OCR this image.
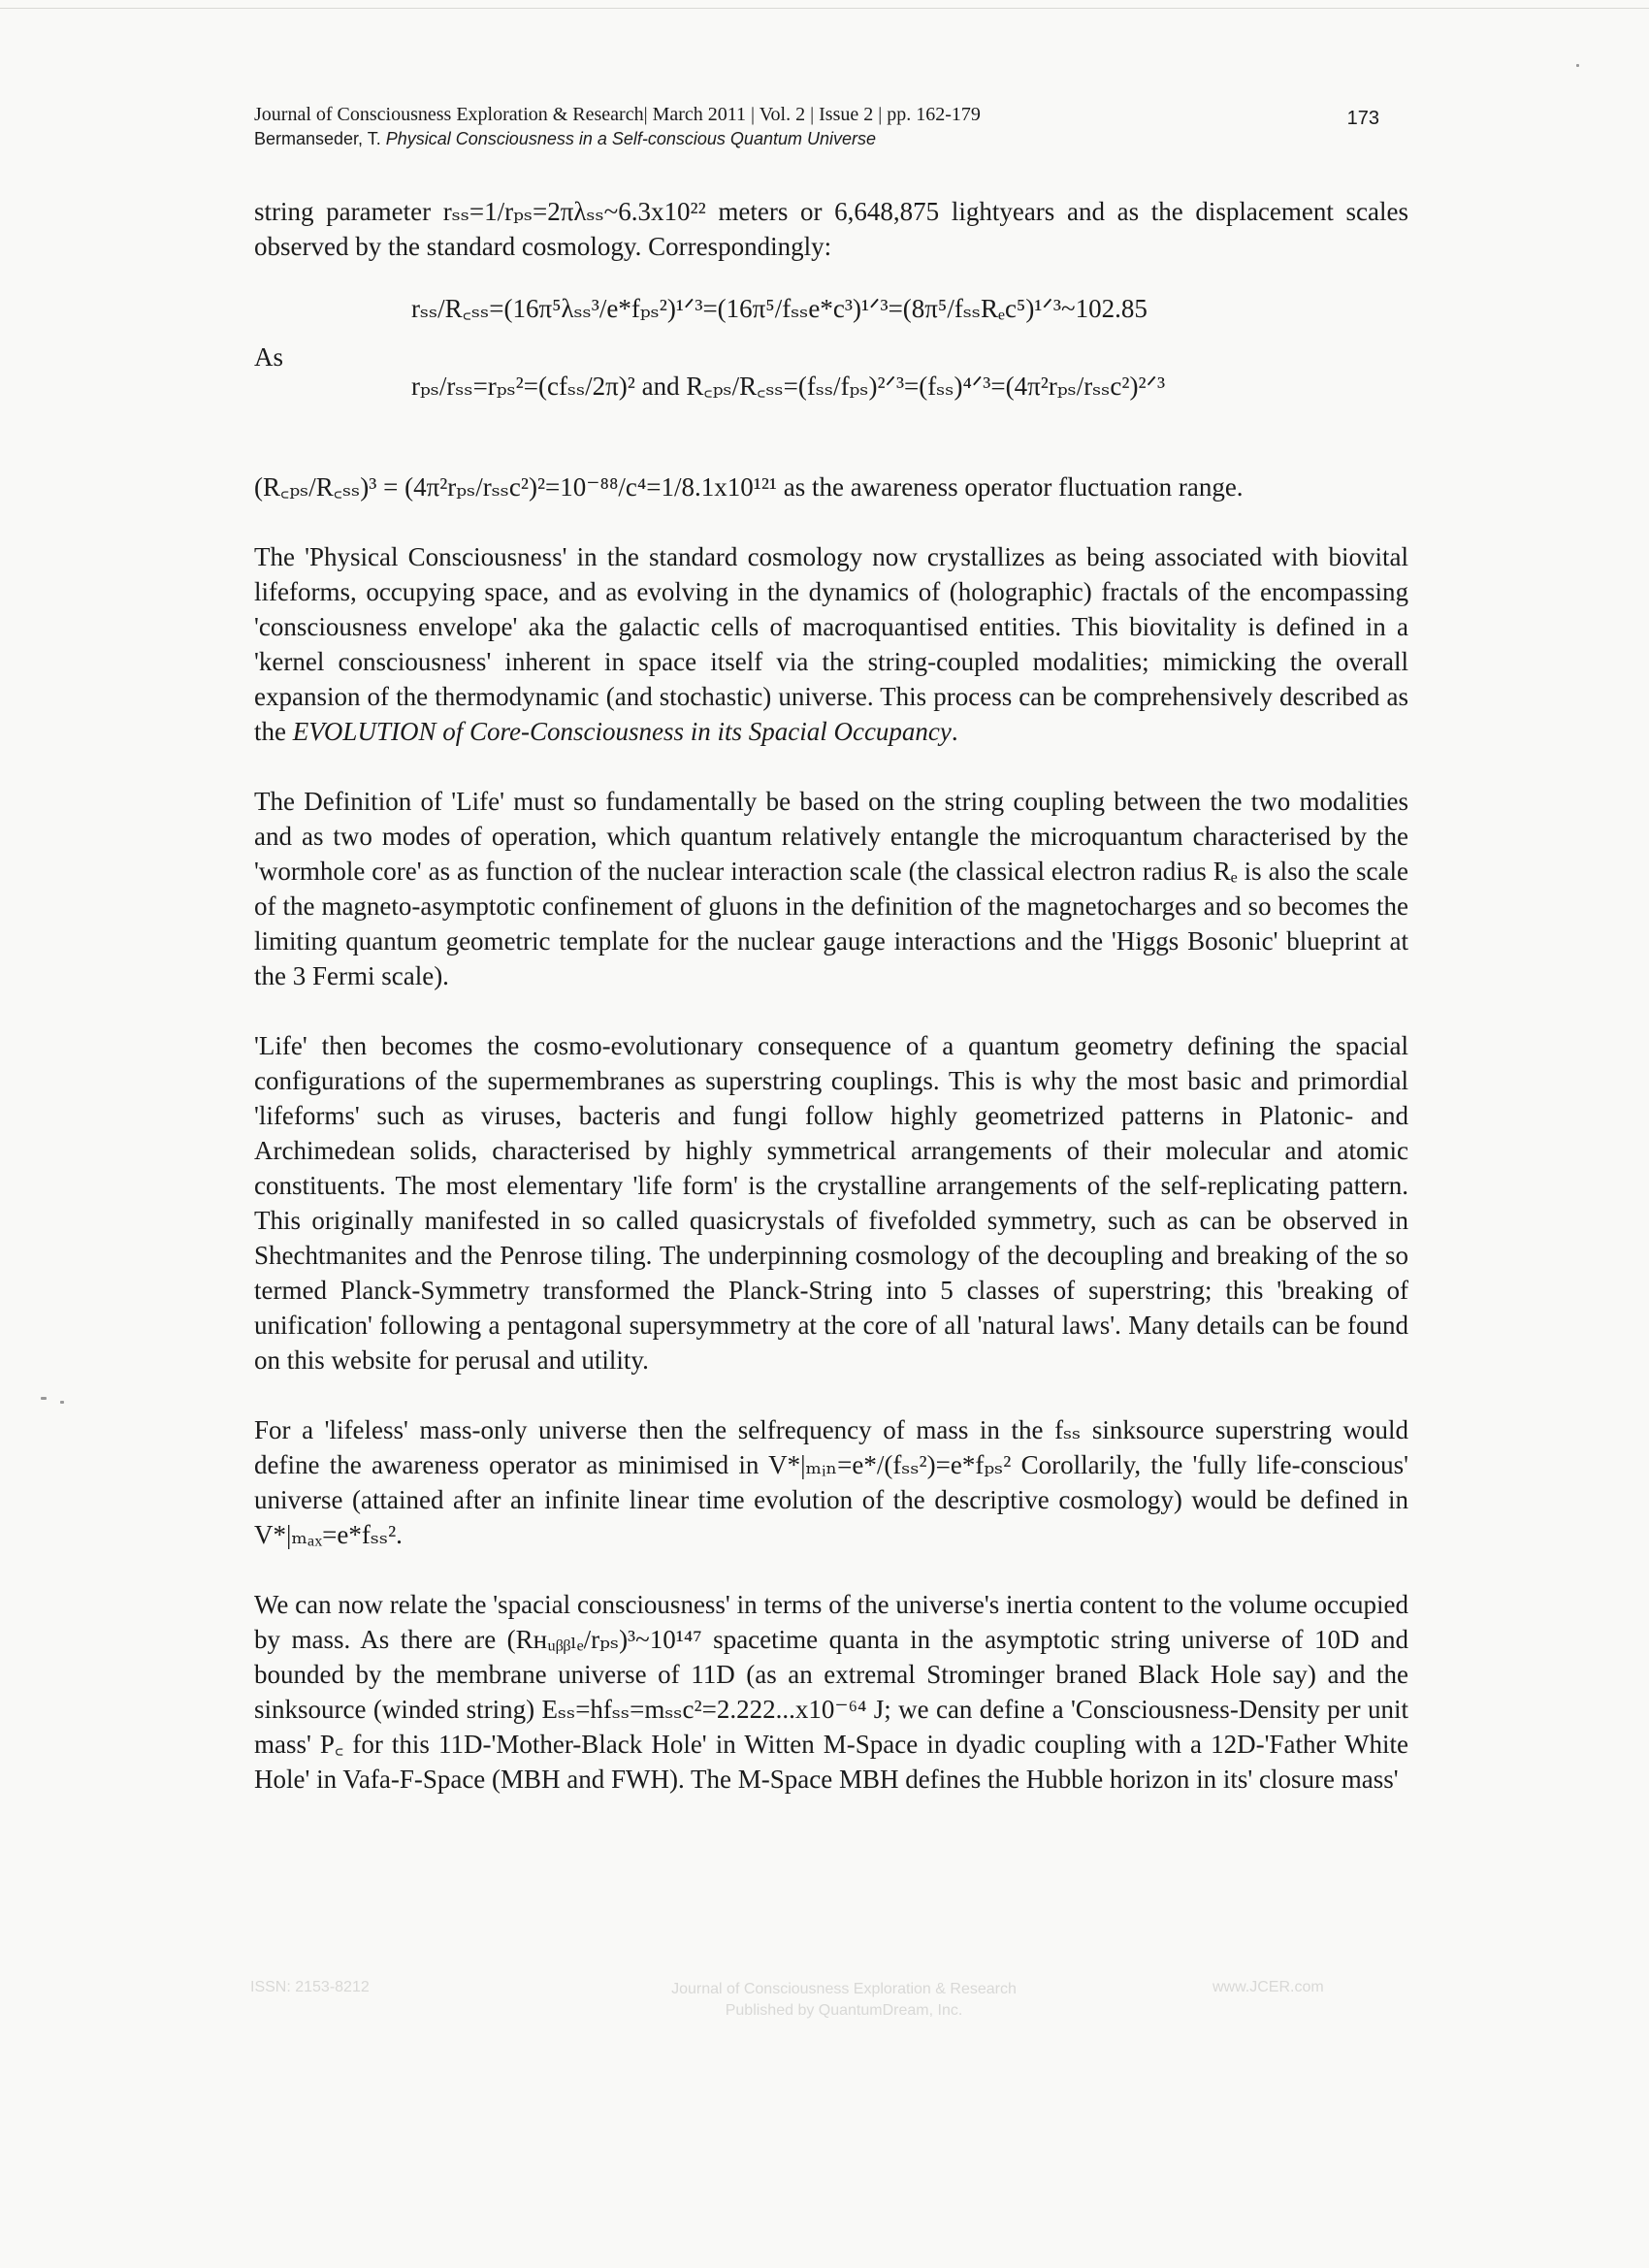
Journal of Consciousness Exploration & Research| March 2011 | Vol. 2 | Issue 2 | pp. 162-179
Bermanseder, T. Physical Consciousness in a Self-conscious Quantum Universe
173

string parameter rₛₛ=1/rₚₛ=2πλₛₛ~6.3x10²² meters or 6,648,875 lightyears and as the displacement scales observed by the standard cosmology. Correspondingly:

As
rₛₛ/R꜀ₛₛ=(16π⁵λₛₛ³/e*fₚₛ²)¹ᐟ³=(16π⁵/fₛₛe*c³)¹ᐟ³=(8π⁵/fₛₛRₑc⁵)¹ᐟ³~102.85
rₚₛ/rₛₛ=rₚₛ²=(cfₛₛ/2π)² and R꜀ₚₛ/R꜀ₛₛ=(fₛₛ/fₚₛ)²ᐟ³=(fₛₛ)⁴ᐟ³=(4π²rₚₛ/rₛₛc²)²ᐟ³

(R꜀ₚₛ/R꜀ₛₛ)³ = (4π²rₚₛ/rₛₛc²)²=10⁻⁸⁸/c⁴=1/8.1x10¹²¹ as the awareness operator fluctuation range.

The 'Physical Consciousness' in the standard cosmology now crystallizes as being associated with biovital lifeforms, occupying space, and as evolving in the dynamics of (holographic) fractals of the encompassing 'consciousness envelope' aka the galactic cells of macroquantised entities. This biovitality is defined in a 'kernel consciousness' inherent in space itself via the string-coupled modalities; mimicking the overall expansion of the thermodynamic (and stochastic) universe. This process can be comprehensively described as the EVOLUTION of Core-Consciousness in its Spacial Occupancy.

The Definition of 'Life' must so fundamentally be based on the string coupling between the two modalities and as two modes of operation, which quantum relatively entangle the microquantum characterised by the 'wormhole core' as as function of the nuclear interaction scale (the classical electron radius Rₑ is also the scale of the magneto-asymptotic confinement of gluons in the definition of the magnetocharges and so becomes the limiting quantum geometric template for the nuclear gauge interactions and the 'Higgs Bosonic' blueprint at the 3 Fermi scale).

'Life' then becomes the cosmo-evolutionary consequence of a quantum geometry defining the spacial configurations of the supermembranes as superstring couplings. This is why the most basic and primordial 'lifeforms' such as viruses, bacteris and fungi follow highly geometrized patterns in Platonic- and Archimedean solids, characterised by highly symmetrical arrangements of their molecular and atomic constituents. The most elementary 'life form' is the crystalline arrangements of the self-replicating pattern. This originally manifested in so called quasicrystals of fivefolded symmetry, such as can be observed in Shechtmanites and the Penrose tiling. The underpinning cosmology of the decoupling and breaking of the so termed Planck-Symmetry transformed the Planck-String into 5 classes of superstring; this 'breaking of unification' following a pentagonal supersymmetry at the core of all 'natural laws'. Many details can be found on this website for perusal and utility.

For a 'lifeless' mass-only universe then the selfrequency of mass in the fₛₛ sinksource superstring would define the awareness operator as minimised in V*|ₘᵢₙ=e*/(fₛₛ²)=e*fₚₛ² Corollarily, the 'fully life-conscious' universe (attained after an infinite linear time evolution of the descriptive cosmology) would be defined in V*|ₘₐₓ=e*fₛₛ².

We can now relate the 'spacial consciousness' in terms of the universe's inertia content to the volume occupied by mass. As there are (Rʜᵤᵦᵦₗₑ/rₚₛ)³~10¹⁴⁷ spacetime quanta in the asymptotic string universe of 10D and bounded by the membrane universe of 11D (as an extremal Strominger braned Black Hole say) and the sinksource (winded string) Eₛₛ=hfₛₛ=mₛₛc²=2.222...x10⁻⁶⁴ J; we can define a 'Consciousness-Density per unit mass' P꜀ for this 11D-'Mother-Black Hole' in Witten M-Space in dyadic coupling with a 12D-'Father White Hole' in Vafa-F-Space (MBH and FWH). The M-Space MBH defines the Hubble horizon in its' closure mass'

ISSN: 2153-8212	Journal of Consciousness Exploration & Research
Published by QuantumDream, Inc.
www.JCER.com
